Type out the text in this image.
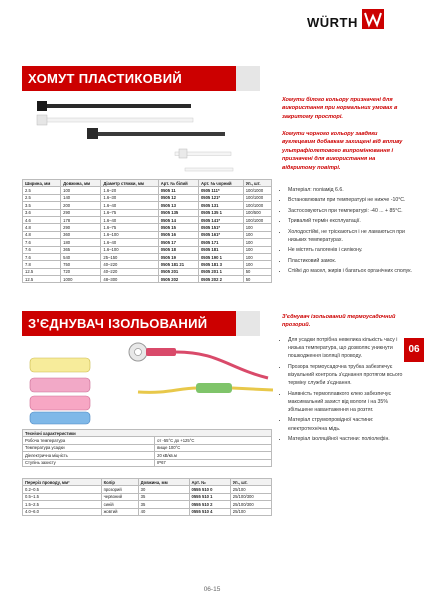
WÜRTH
ХОМУТ ПЛАСТИКОВИЙ
Хомути білого кольору призначені для використання при нормальних умовах в закритому просторі.
Хомути чорного кольору завдяки вуглецевим добавкам захищені від впливу ультрафіолетового випромінювання і призначені для використання на відкритому повітрі.
• Матеріал: поліамід 6.6.
• Встановлювати при температурі не нижче -10°С.
• Застосовуються при температурі: -40 ... + 85°С.
• Тривалий термін експлуатації.
• Холодостійкі, не тріскаються і не ламаються при низьких температурах.
• Не містять галогенів і силікону.
• Пластиковий замок.
• Стійкі до масел, жирів і багатьох органічних сполук.
Ширина, мм	Довжина, мм	Діаметр стяжки, мм	Арт. № білий	Арт. № чорний	Уп., шт.
2.5	100	1.6–20	0505 11	0505 111*	100/1000
2.5	140	1.6–30	0505 12	0505 121*	100/1000
3.5	200	1.6–40	0505 13	0505 131	100/1000
3.6	290	1.6–75	0505 135	0505 135 1	100/500
4.6	178	1.6–40	0505 14	0505 141*	100/1000
4.8	290	1.6–75	0505 15	0505 151*	100
4.8	360	1.6–100	0505 16	0505 161*	100
7.6	180	1.6–40	0505 17	0505 171	100
7.6	365	1.6–100	0505 18	0505 181	100
7.6	540	25–150	0505 19	0505 190 1	100
7.8	750	40–220	0505 181 21	0505 181 3	100
12.5	720	40–220	0505 201	0505 201 1	50
12.5	1000	48–300	0505 202	0505 202 2	50
З'ЄДНУВАЧ ІЗОЛЬОВАНИЙ	З'єднувач ізольований термоусадочний прозорий.
• Для усадки потрібна невелика кількість часу і низька температура, що дозволяє уникнути пошкодження ізоляції проводу.
• Прозора термоусадочна трубка забезпечує візуальний контроль з'єднання протягом всього терміну служби з'єднання.
• Наявність термоплавкого клею забезпечує максимальний захист від вологи і на 35% збільшене навантаження на розтяг.
• Матеріал струмопровідної частини: електротехнічна мідь.
• Матеріал ізоляційної частини: поліолефін.
06
Технічні характеристики	
Робоча температура	от -55°С до +125°С
Температура усадки	вище 100°С
Діелектрична міцність	20 кВ/кв.м
Ступінь захисту	IP67
Переріз проводу, мм²	Колір	Довжина, мм	Арт. №	Уп., шт.
0.2–0.5	прозорий	30	0555 510 0	25/100
0.5–1.5	червоний	35	0555 510 1	25/100/300
1.5–2.5	синій	35	0555 510 2	25/100/300
4.0–6.0	жовтий	40	0555 510 4	25/100
06-15
